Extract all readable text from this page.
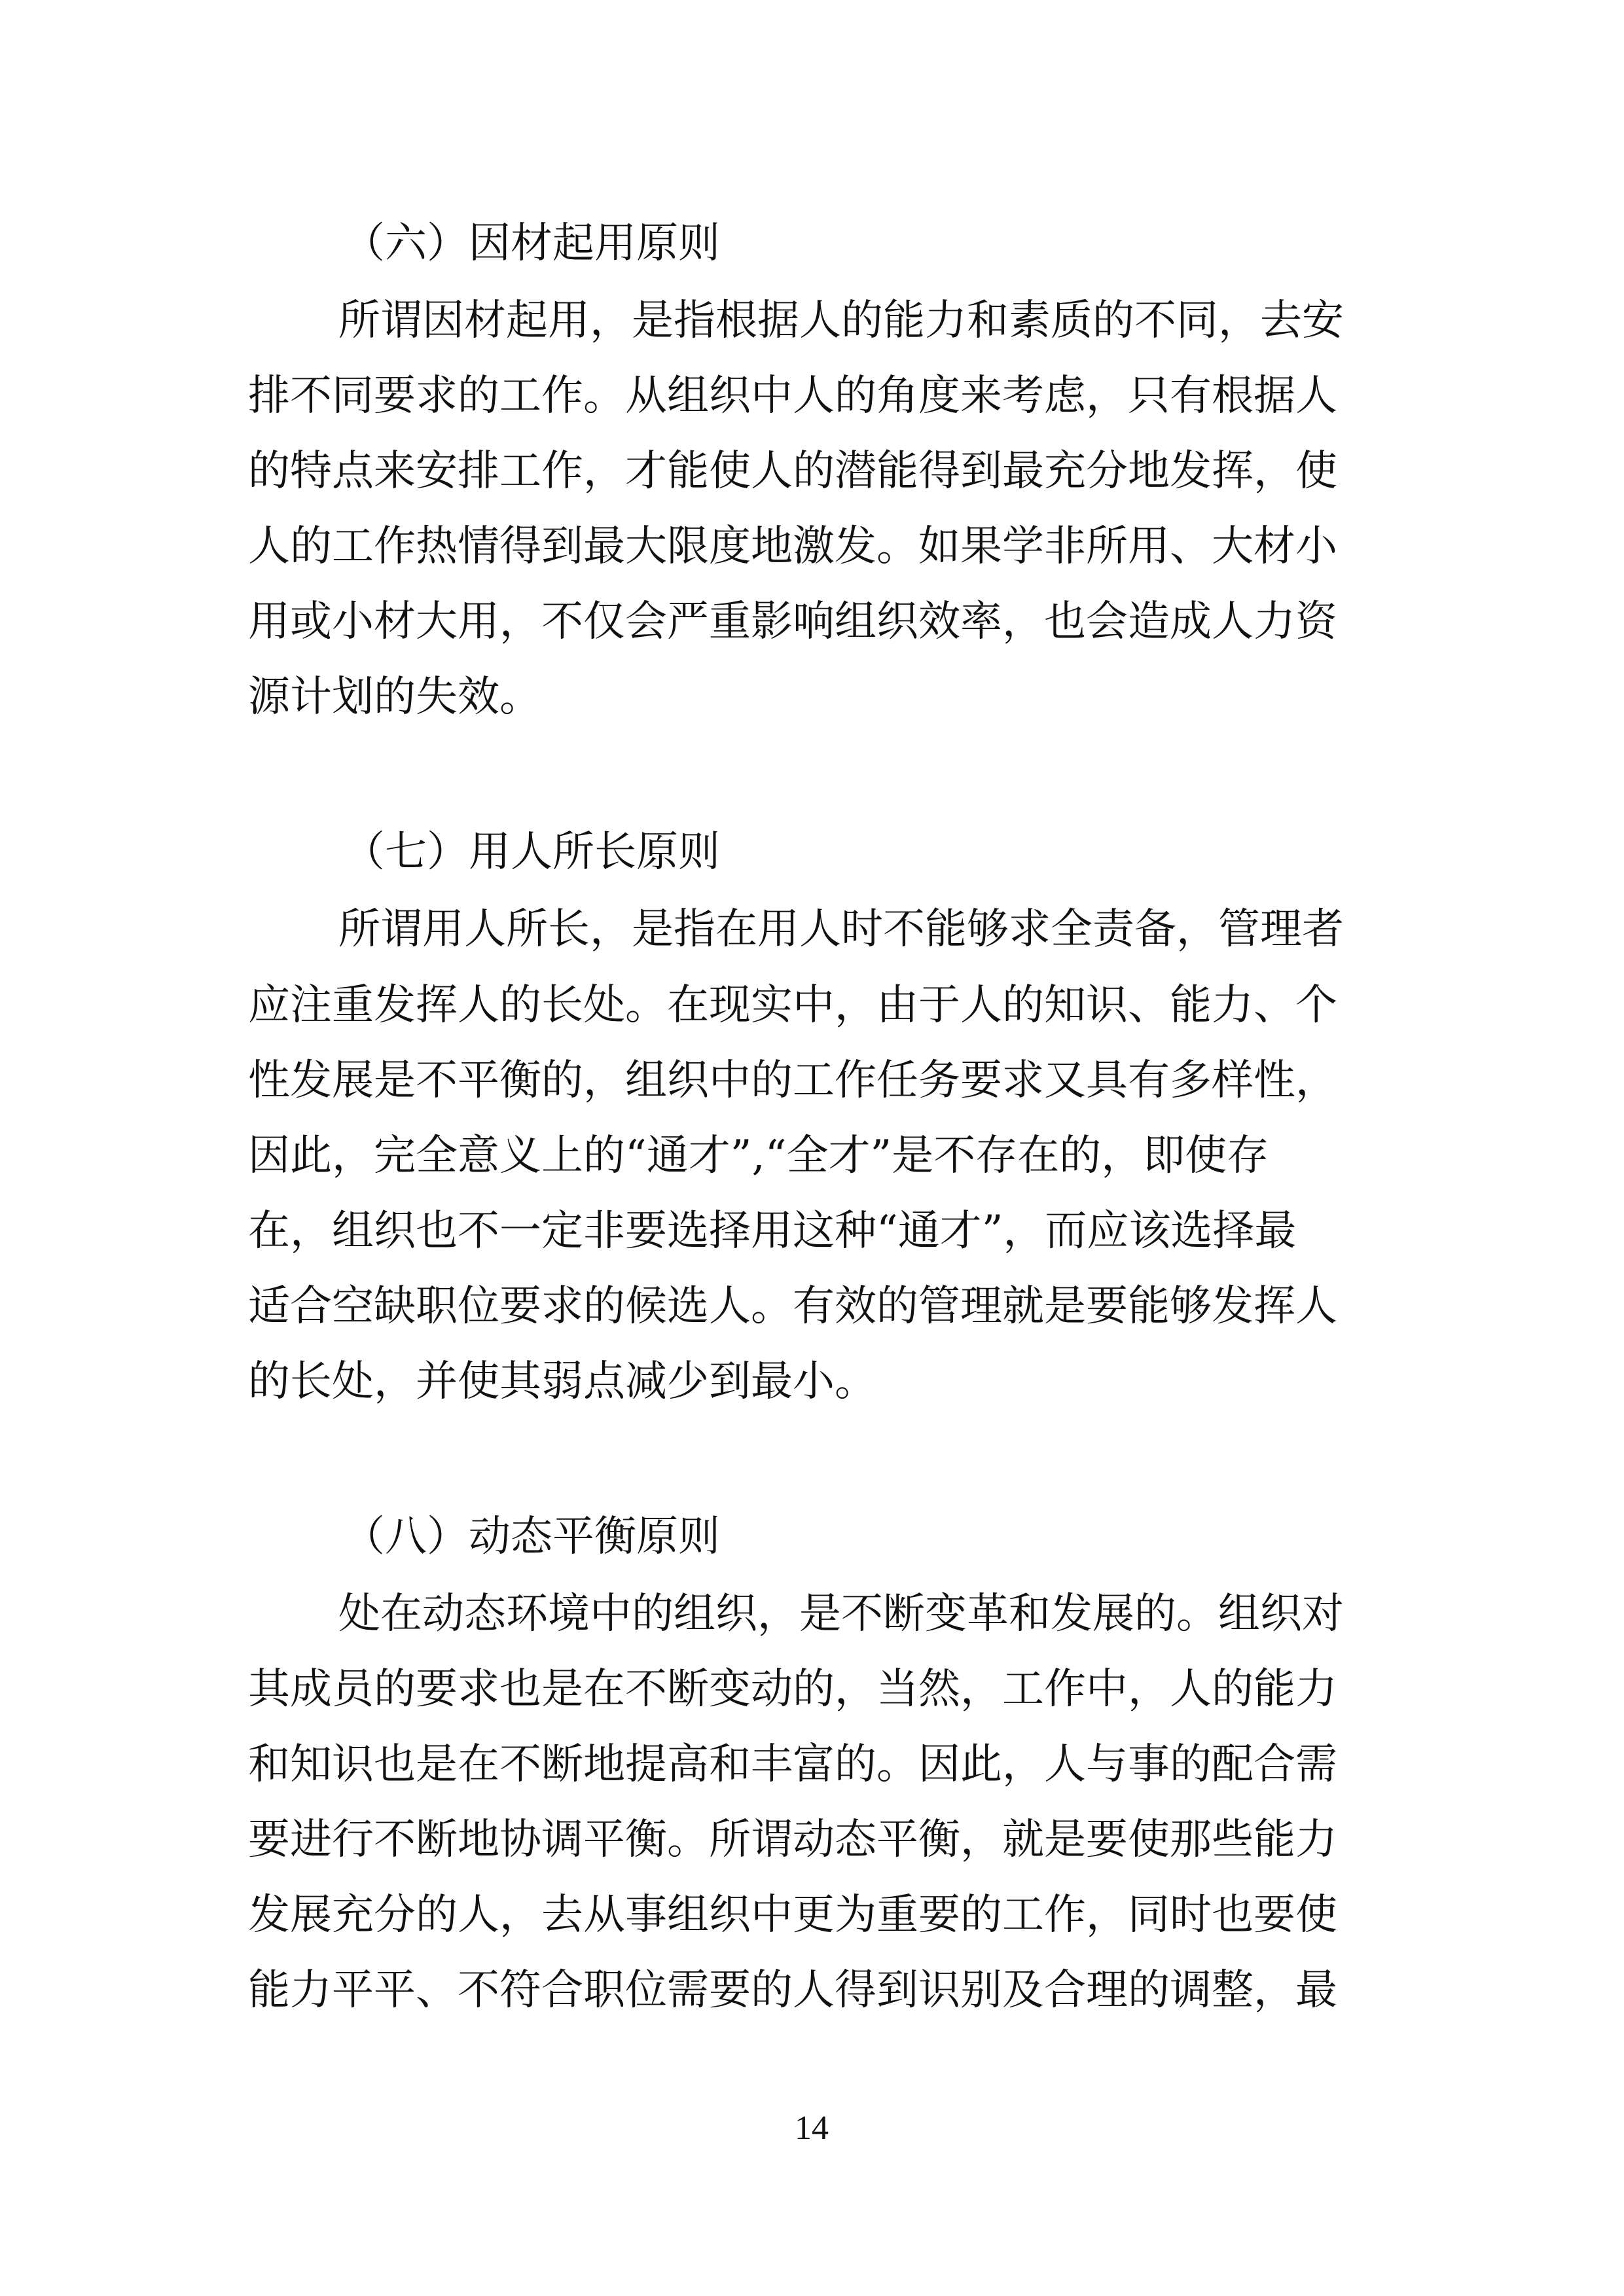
（六）因材起用原则
所谓因材起用，是指根据人的能力和素质的不同，去安
排不同要求的工作。从组织中人的角度来考虑，只有根据人
的特点来安排工作，才能使人的潜能得到最充分地发挥，使
人的工作热情得到最大限度地激发。如果学非所用、大材小
用或小材大用，不仅会严重影响组织效率，也会造成人力资
源计划的失效。
（七）用人所长原则
所谓用人所长，是指在用人时不能够求全责备，管理者
应注重发挥人的长处。在现实中，由于人的知识、能力、个
性发展是不平衡的，组织中的工作任务要求又具有多样性，
因此，完全意义上的“通才”,“全才”是不存在的，即使存
在，组织也不一定非要选择用这种“通才”，而应该选择最
适合空缺职位要求的候选人。有效的管理就是要能够发挥人
的长处，并使其弱点减少到最小。
（八）动态平衡原则
处在动态环境中的组织，是不断变革和发展的。组织对
其成员的要求也是在不断变动的，当然，工作中，人的能力
和知识也是在不断地提高和丰富的。因此，人与事的配合需
要进行不断地协调平衡。所谓动态平衡，就是要使那些能力
发展充分的人，去从事组织中更为重要的工作，同时也要使
能力平平、不符合职位需要的人得到识别及合理的调整，最
14
